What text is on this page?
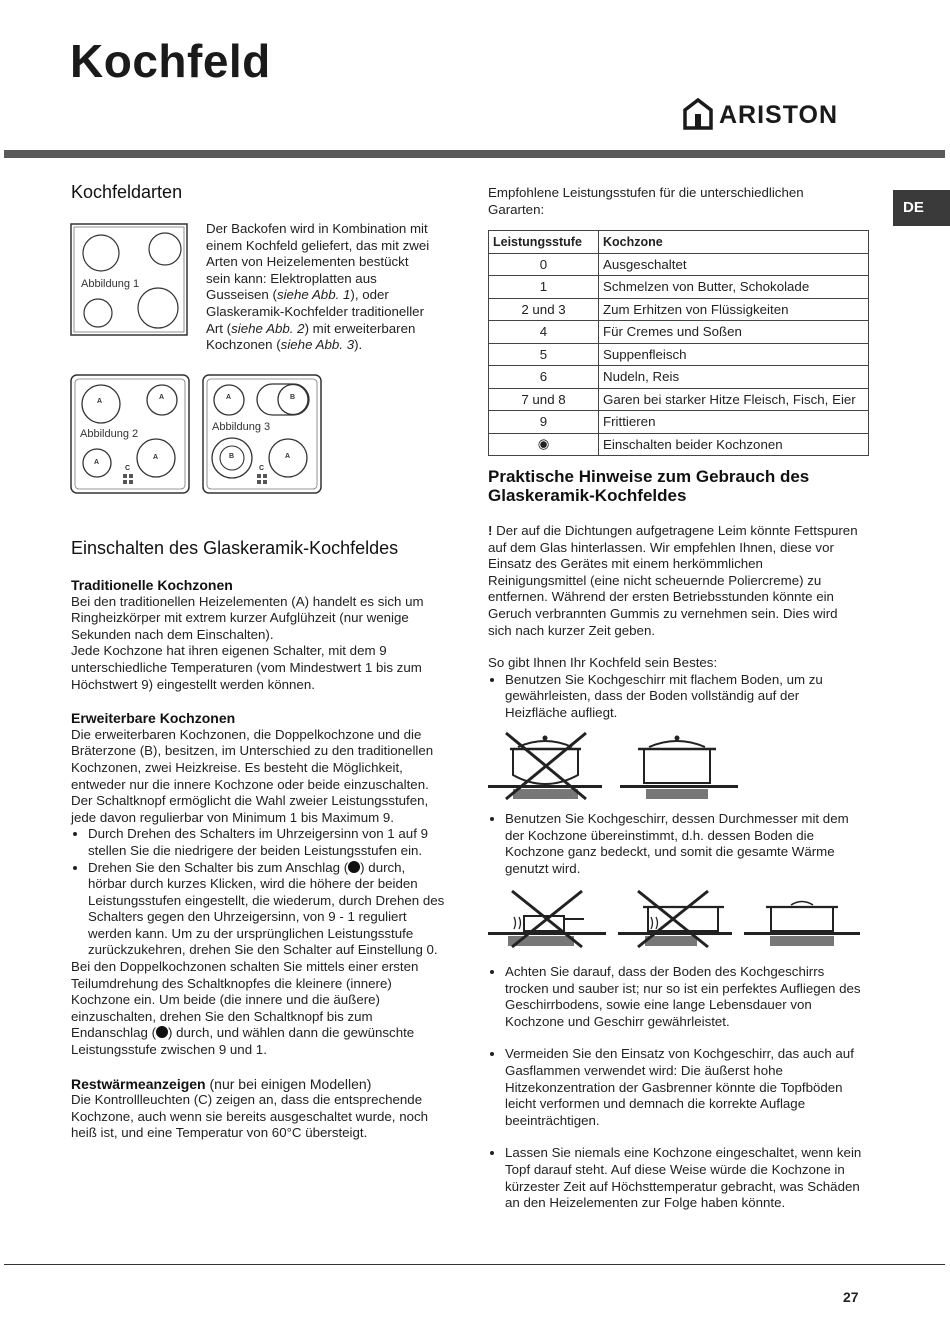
Kochfeld
ARISTON
DE
Kochfeldarten
Abbildung 1
Der Backofen wird in Kombination mit
einem Kochfeld geliefert, das mit zwei
Arten von Heizelementen bestückt
sein kann: Elektroplatten aus
Gusseisen (siehe Abb. 1), oder
Glaskeramik-Kochfelder traditioneller
Art (siehe Abb. 2) mit erweiterbaren
Kochzonen (siehe Abb. 3).
Abbildung 2
A
A
A
A
C
Abbildung 3
A	B
B	A
C
Einschalten des Glaskeramik-Kochfeldes

Traditionelle Kochzonen

Bei den traditionellen Heizelementen (A) handelt es sich um Ringheizkörper mit extrem kurzer Aufglühzeit (nur wenige Sekunden nach dem Einschalten).

Jede Kochzone hat ihren eigenen Schalter, mit dem 9 unterschiedliche Temperaturen (vom Mindestwert 1 bis zum Höchstwert 9) eingestellt werden können.

Erweiterbare Kochzonen

Die erweiterbaren Kochzonen, die Doppelkochzone und die Bräterzone (B), besitzen, im Unterschied zu den traditionellen Kochzonen, zwei Heizkreise. Es besteht die Möglichkeit, entweder nur die innere Kochzone oder beide einzuschalten.

Der Schaltknopf ermöglicht die Wahl zweier Leistungsstufen, jede davon regulierbar von Minimum 1 bis Maximum 9.

• Durch Drehen des Schalters im Uhrzeigersinn von 1 auf 9 stellen Sie die niedrigere der beiden Leistungsstufen ein.
• Drehen Sie den Schalter bis zum Anschlag ( ) durch, hörbar durch kurzes Klicken, wird die höhere der beiden Leistungsstufen eingestellt, die wiederum, durch Drehen des Schalters gegen den Uhrzeigersinn, von 9 - 1 reguliert werden kann. Um zu der ursprünglichen Leistungsstufe zurückzukehren, drehen Sie den Schalter auf Einstellung 0.

Bei den Doppelkochzonen schalten Sie mittels einer ersten Teilumdrehung des Schaltknopfes die kleinere (innere) Kochzone ein. Um beide (die innere und die äußere) einzuschalten, drehen Sie den Schaltknopf bis zum Endanschlag ( ) durch, und wählen dann die gewünschte Leistungsstufe zwischen 9 und 1.

Restwärmeanzeigen (nur bei einigen Modellen)

Die Kontrollleuchten (C) zeigen an, dass die entsprechende Kochzone, auch wenn sie bereits ausgeschaltet wurde, noch heiß ist, und eine Temperatur von 60°C übersteigt.

Empfohlene Leistungsstufen für die unterschiedlichen Gararten:
Leistungsstufe	Kochzone
0	Ausgeschaltet
1	Schmelzen von Butter, Schokolade
2 und 3	Zum Erhitzen von Flüssigkeiten
4	Für Cremes und Soßen
5	Suppenfleisch
6	Nudeln, Reis
7 und 8	Garen bei starker Hitze Fleisch, Fisch, Eier
9	Frittieren
◉	Einschalten beider Kochzonen
Praktische Hinweise zum Gebrauch des Glaskeramik-Kochfeldes

! Der auf die Dichtungen aufgetragene Leim könnte Fettspuren auf dem Glas hinterlassen. Wir empfehlen Ihnen, diese vor Einsatz des Gerätes mit einem herkömmlichen Reinigungsmittel (eine nicht scheuernde Poliercreme) zu entfernen. Während der ersten Betriebsstunden könnte ein Geruch verbrannten Gummis zu vernehmen sein. Dies wird sich nach kurzer Zeit geben.

So gibt Ihnen Ihr Kochfeld sein Bestes:

• Benutzen Sie Kochgeschirr mit flachem Boden, um zu gewährleisten, dass der Boden vollständig auf der Heizfläche aufliegt.
• Benutzen Sie Kochgeschirr, dessen Durchmesser mit dem der Kochzone übereinstimmt, d.h. dessen Boden die Kochzone ganz bedeckt, und somit die gesamte Wärme genutzt wird.
• Achten Sie darauf, dass der Boden des Kochgeschirrs trocken und sauber ist; nur so ist ein perfektes Aufliegen des Geschirrbodens, sowie eine lange Lebensdauer von Kochzone und Geschirr gewährleistet.
• Vermeiden Sie den Einsatz von Kochgeschirr, das auch auf Gasflammen verwendet wird: Die äußerst hohe Hitzekonzentration der Gasbrenner könnte die Topfböden leicht verformen und demnach die korrekte Auflage beeinträchtigen.
• Lassen Sie niemals eine Kochzone eingeschaltet, wenn kein Topf darauf steht. Auf diese Weise würde die Kochzone in kürzester Zeit auf Höchsttemperatur gebracht, was Schäden an den Heizelementen zur Folge haben könnte.
27
